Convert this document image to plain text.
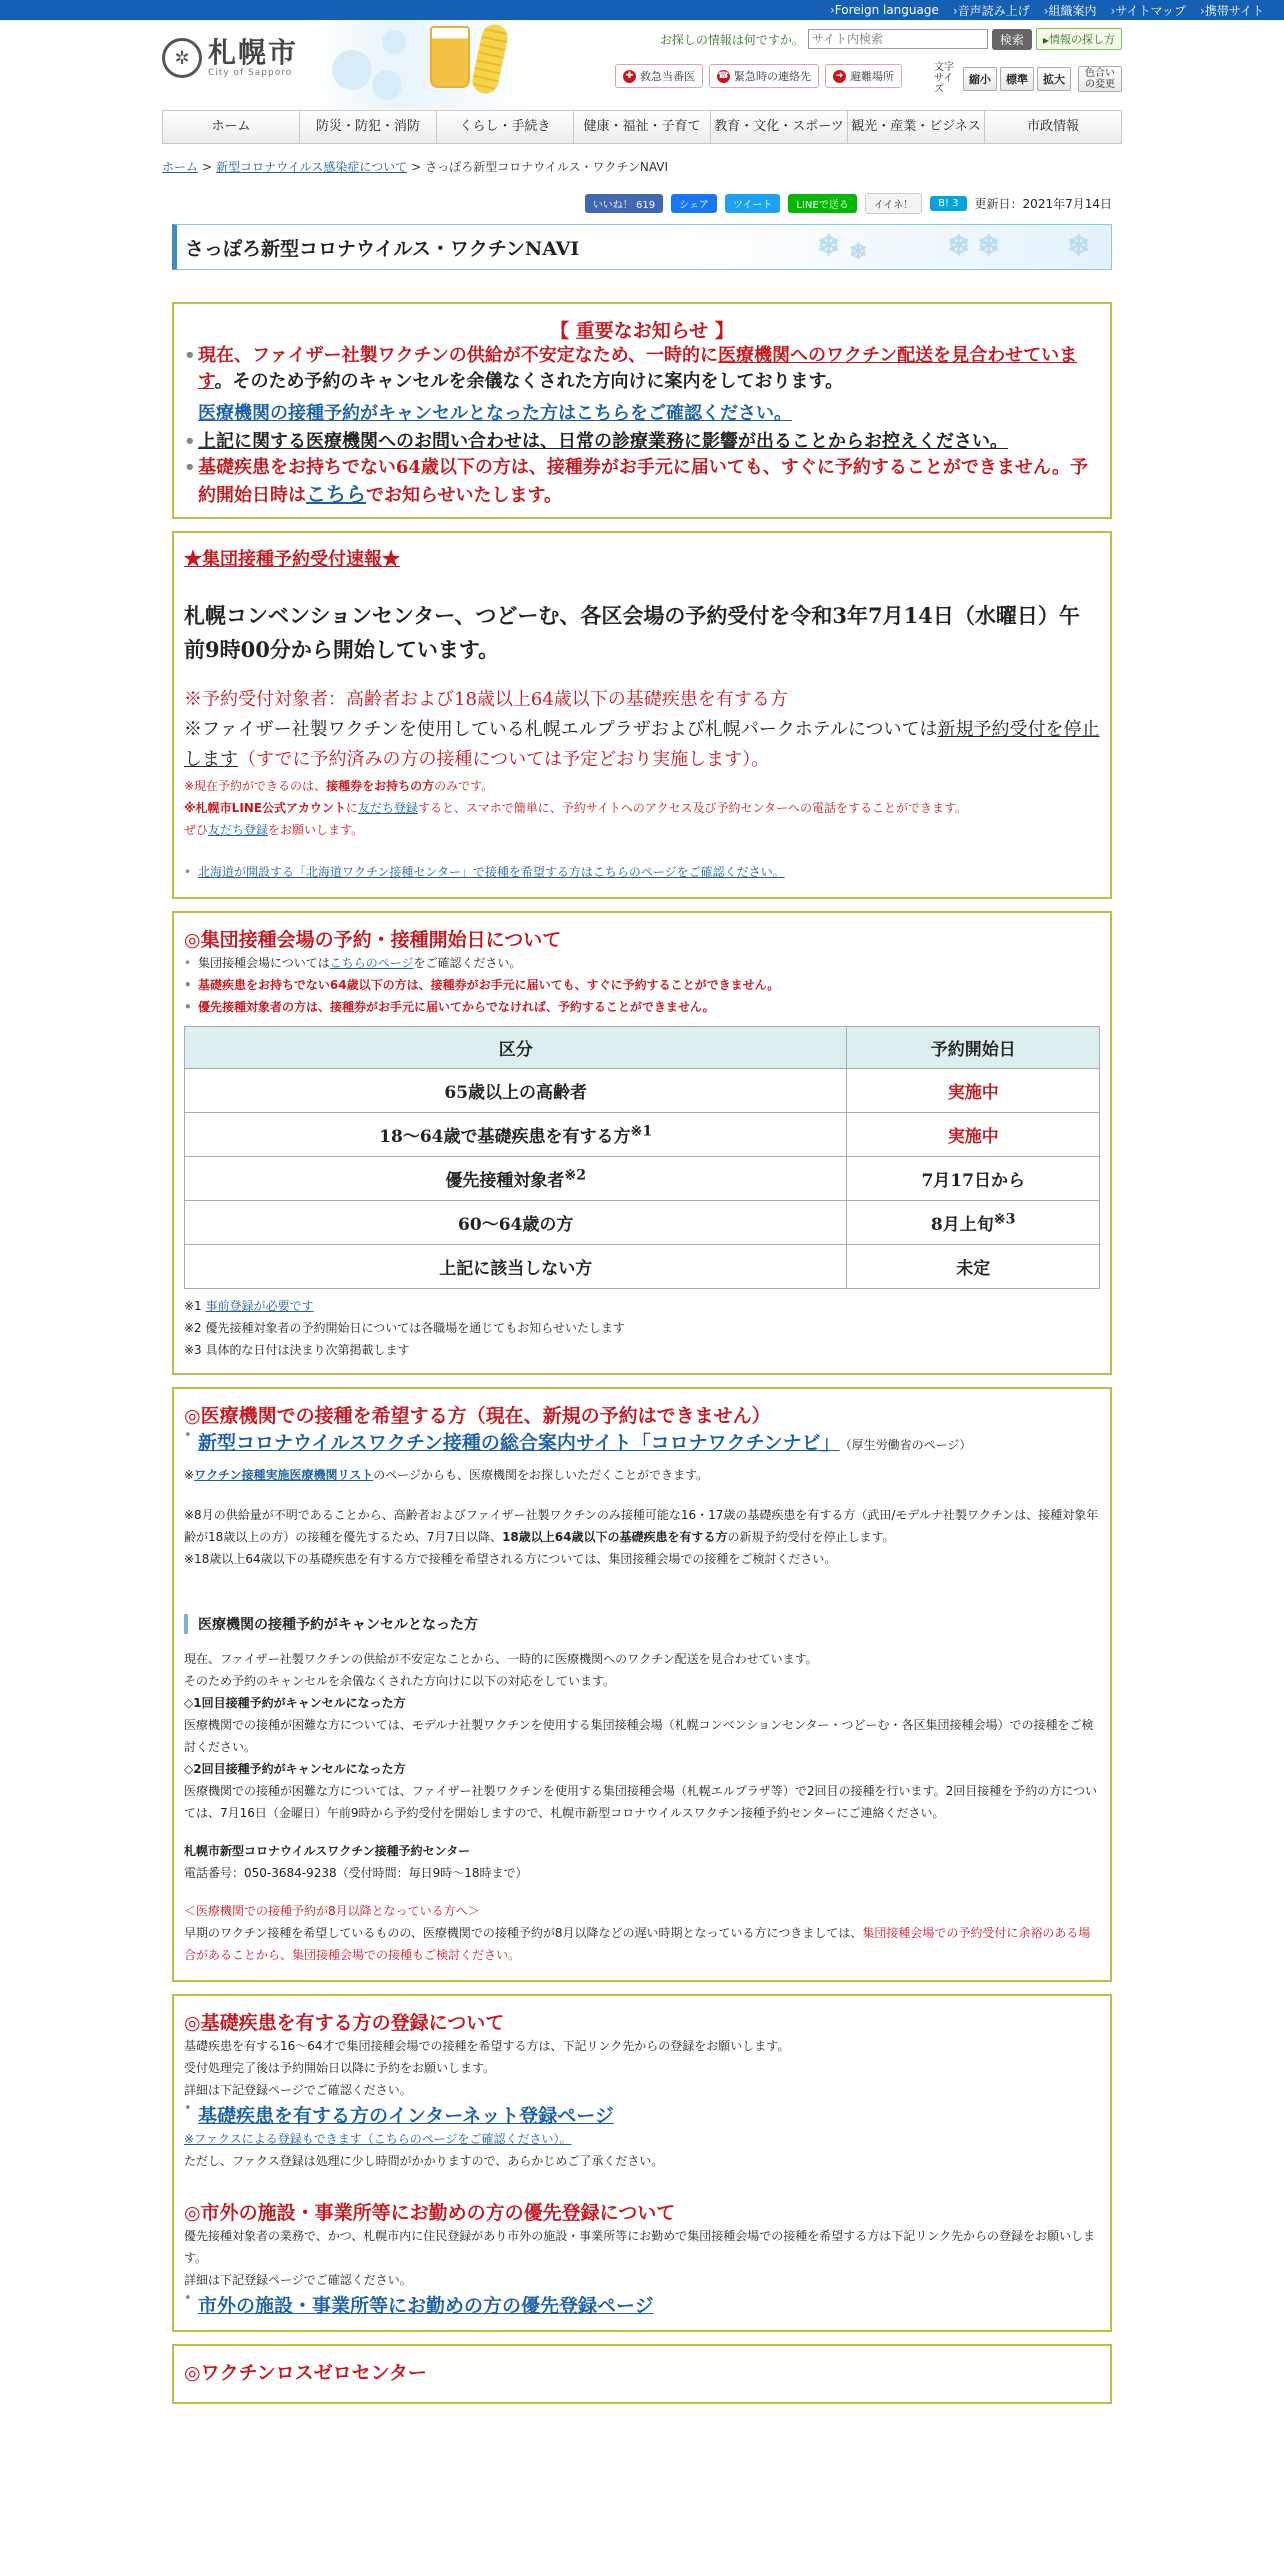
› Foreign language	› 音声読み上げ	› 組織案内	› サイトマップ	› 携帯サイト
✲ 札幌市
City of Sapporo
お探しの情報は何ですか。
サイト内検索	検索	▶ 情報の探し方
✚ 救急当番医	☎ 緊急時の連絡先	➜ 避難場所
文字サイズ
縮小	標準	拡大	色合いの変更
ホーム	防災・防犯・消防	くらし・手続き	健康・福祉・子育て	教育・文化・スポーツ 観光・産業・ビジネス	市政情報
ホーム > 新型コロナウイルス感染症について > さっぽろ新型コロナウイルス・ワクチンNAVI
いいね！ 619	シェア	ツイート	LINEで送る	イイネ！	B! 3	更新日：2021年7月14日
さっぽろ新型コロナウイルス・ワクチンNAVI	❄ ❄	❄ ❄ ❄
【 重要なお知らせ 】
• 現在、ファイザー社製ワクチンの供給が不安定なため、一時的に医療機関へのワクチン配送を見合わせています。そのため予約のキャンセルを余儀なくされた方向けに案内をしております。
医療機関の接種予約がキャンセルとなった方はこちらをご確認ください。
• 上記に関する医療機関へのお問い合わせは、日常の診療業務に影響が出ることからお控えください。
• 基礎疾患をお持ちでない64歳以下の方は、接種券がお手元に届いても、すぐに予約することができません。予約開始日時はこちらでお知らせいたします。
★集団接種予約受付速報★
札幌コンベンションセンター、つどーむ、各区会場の予約受付を令和3年7月14日（水曜日）午前9時00分から開始しています。
※予約受付対象者：高齢者および18歳以上64歳以下の基礎疾患を有する方
※ファイザー社製ワクチンを使用している札幌エルプラザおよび札幌パークホテルについては新規予約受付を停止します（すでに予約済みの方の接種については予定どおり実施します）。
※現在予約ができるのは、接種券をお持ちの方のみです。
※札幌市LINE公式アカウントに友だち登録すると、スマホで簡単に、予約サイトへのアクセス及び予約センターへの電話をすることができます。
ぜひ友だち登録をお願いします。
• 北海道が開設する「北海道ワクチン接種センター」で接種を希望する方はこちらのページをご確認ください。
◎集団接種会場の予約・接種開始日について
• 集団接種会場についてはこちらのページをご確認ください。
• 基礎疾患をお持ちでない64歳以下の方は、接種券がお手元に届いても、すぐに予約することができません。
• 優先接種対象者の方は、接種券がお手元に届いてからでなければ、予約することができません。
区分	予約開始日
65歳以上の高齢者	実施中
18～64歳で基礎疾患を有する方$^{※1}$	実施中
優先接種対象者$^{※2}$	7月17日から
60～64歳の方	8月上旬$^{※3}$
上記に該当しない方	未定
※1 事前登録が必要です
※2 優先接種対象者の予約開始日については各職場を通じてもお知らせいたします
※3 具体的な日付は決まり次第掲載します
◎医療機関での接種を希望する方（現在、新規の予約はできません）
• 新型コロナウイルスワクチン接種の総合案内サイト「コロナワクチンナビ」 （厚生労働省のページ）
※ワクチン接種実施医療機関リストのページからも、医療機関をお探しいただくことができます。
※8月の供給量が不明であることから、高齢者およびファイザー社製ワクチンのみ接種可能な16・17歳の基礎疾患を有する方（武田/モデルナ社製ワクチンは、接種対象年齢が18歳以上の方）の接種を優先するため、7月7日以降、18歳以上64歳以下の基礎疾患を有する方の新規予約受付を停止します。
※18歳以上64歳以下の基礎疾患を有する方で接種を希望される方については、集団接種会場での接種をご検討ください。
医療機関の接種予約がキャンセルとなった方
現在、ファイザー社製ワクチンの供給が不安定なことから、一時的に医療機関へのワクチン配送を見合わせています。
そのため予約のキャンセルを余儀なくされた方向けに以下の対応をしています。
◇1回目接種予約がキャンセルになった方
医療機関での接種が困難な方については、モデルナ社製ワクチンを使用する集団接種会場（札幌コンベンションセンター・つどーむ・各区集団接種会場）での接種をご検討ください。
◇2回目接種予約がキャンセルになった方
医療機関での接種が困難な方については、ファイザー社製ワクチンを使用する集団接種会場（札幌エルプラザ等）で2回目の接種を行います。2回目接種を予約の方については、7月16日（金曜日）午前9時から予約受付を開始しますので、札幌市新型コロナウイルスワクチン接種予約センターにご連絡ください。
札幌市新型コロナウイルスワクチン接種予約センター
電話番号：050-3684-9238（受付時間：毎日9時～18時まで）
＜医療機関での接種予約が8月以降となっている方へ＞
早期のワクチン接種を希望しているものの、医療機関での接種予約が8月以降などの遅い時期となっている方につきましては、集団接種会場での予約受付に余裕のある場合があることから、集団接種会場での接種もご検討ください。
◎基礎疾患を有する方の登録について
基礎疾患を有する16～64才で集団接種会場での接種を希望する方は、下記リンク先からの登録をお願いします。
受付処理完了後は予約開始日以降に予約をお願いします。
詳細は下記登録ページでご確認ください。
• 基礎疾患を有する方のインターネット登録ページ
※ファクスによる登録もできます（こちらのページをご確認ください）。
ただし、ファクス登録は処理に少し時間がかかりますので、あらかじめご了承ください。
◎市外の施設・事業所等にお勤めの方の優先登録について
優先接種対象者の業務で、かつ、札幌市内に住民登録があり市外の施設・事業所等にお勤めで集団接種会場での接種を希望する方は下記リンク先からの登録をお願いします。
詳細は下記登録ページでご確認ください。
• 市外の施設・事業所等にお勤めの方の優先登録ページ
◎ワクチンロスゼロセンター
